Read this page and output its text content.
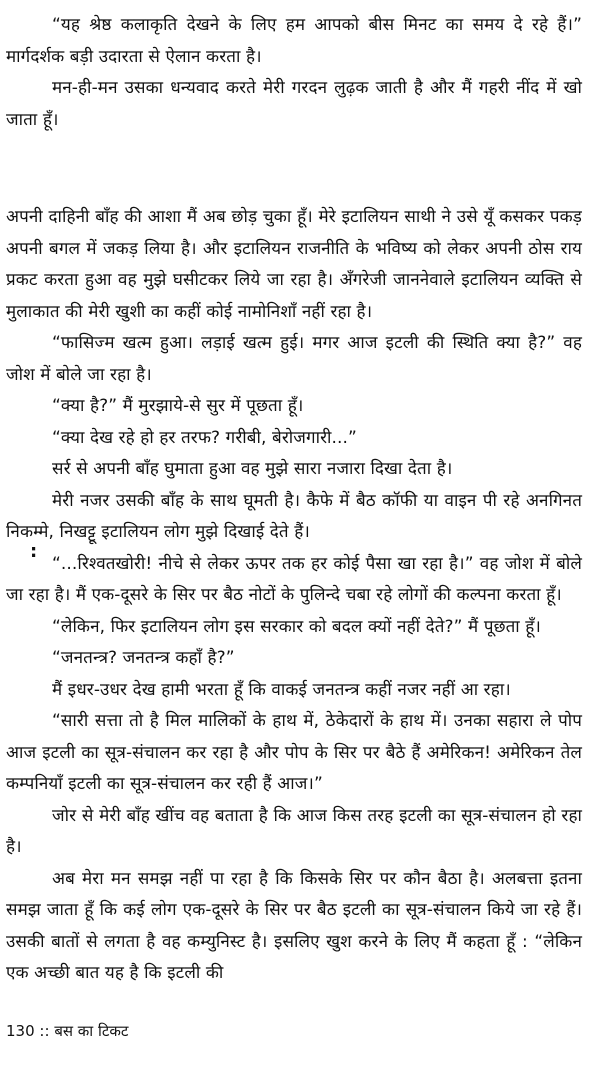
“यह श्रेष्ठ कलाकृति देखने के लिए हम आपको बीस मिनट का समय दे रहे हैं।” मार्गदर्शक बड़ी उदारता से ऐलान करता है।

मन-ही-मन उसका धन्यवाद करते मेरी गरदन लुढ़क जाती है और मैं गहरी नींद में खो जाता हूँ।

अपनी दाहिनी बाँह की आशा मैं अब छोड़ चुका हूँ। मेरे इटालियन साथी ने उसे यूँ कसकर पकड़ अपनी बगल में जकड़ लिया है। और इटालियन राजनीति के भविष्य को लेकर अपनी ठोस राय प्रकट करता हुआ वह मुझे घसीटकर लिये जा रहा है। अँगरेजी जाननेवाले इटालियन व्यक्ति से मुलाकात की मेरी खुशी का कहीं कोई नामोनिशाँ नहीं रहा है।

“फासिज्म खत्म हुआ। लड़ाई खत्म हुई। मगर आज इटली की स्थिति क्या है?” वह जोश में बोले जा रहा है।

“क्या है?” मैं मुरझाये-से सुर में पूछता हूँ।

“क्या देख रहे हो हर तरफ? गरीबी, बेरोजगारी...”

सर्र से अपनी बाँह घुमाता हुआ वह मुझे सारा नजारा दिखा देता है।

मेरी नजर उसकी बाँह के साथ घूमती है। कैफे में बैठ कॉफी या वाइन पी रहे अनगिनत निकम्मे, निखट्टू इटालियन लोग मुझे दिखाई देते हैं।

“...रिश्वतखोरी! नीचे से लेकर ऊपर तक हर कोई पैसा खा रहा है।” वह जोश में बोले जा रहा है। मैं एक-दूसरे के सिर पर बैठ नोटों के पुलिन्दे चबा रहे लोगों की कल्पना करता हूँ।

“लेकिन, फिर इटालियन लोग इस सरकार को बदल क्यों नहीं देते?” मैं पूछता हूँ।

“जनतन्त्र? जनतन्त्र कहाँ है?”

मैं इधर-उधर देख हामी भरता हूँ कि वाकई जनतन्त्र कहीं नजर नहीं आ रहा।

“सारी सत्ता तो है मिल मालिकों के हाथ में, ठेकेदारों के हाथ में। उनका सहारा ले पोप आज इटली का सूत्र-संचालन कर रहा है और पोप के सिर पर बैठे हैं अमेरिकन! अमेरिकन तेल कम्पनियाँ इटली का सूत्र-संचालन कर रही हैं आज।”

जोर से मेरी बाँह खींच वह बताता है कि आज किस तरह इटली का सूत्र-संचालन हो रहा है।

अब मेरा मन समझ नहीं पा रहा है कि किसके सिर पर कौन बैठा है। अलबत्ता इतना समझ जाता हूँ कि कई लोग एक-दूसरे के सिर पर बैठ इटली का सूत्र-संचालन किये जा रहे हैं। उसकी बातों से लगता है वह कम्युनिस्ट है। इसलिए खुश करने के लिए मैं कहता हूँ : “लेकिन एक अच्छी बात यह है कि इटली की

:
130 :: बस का टिकट
